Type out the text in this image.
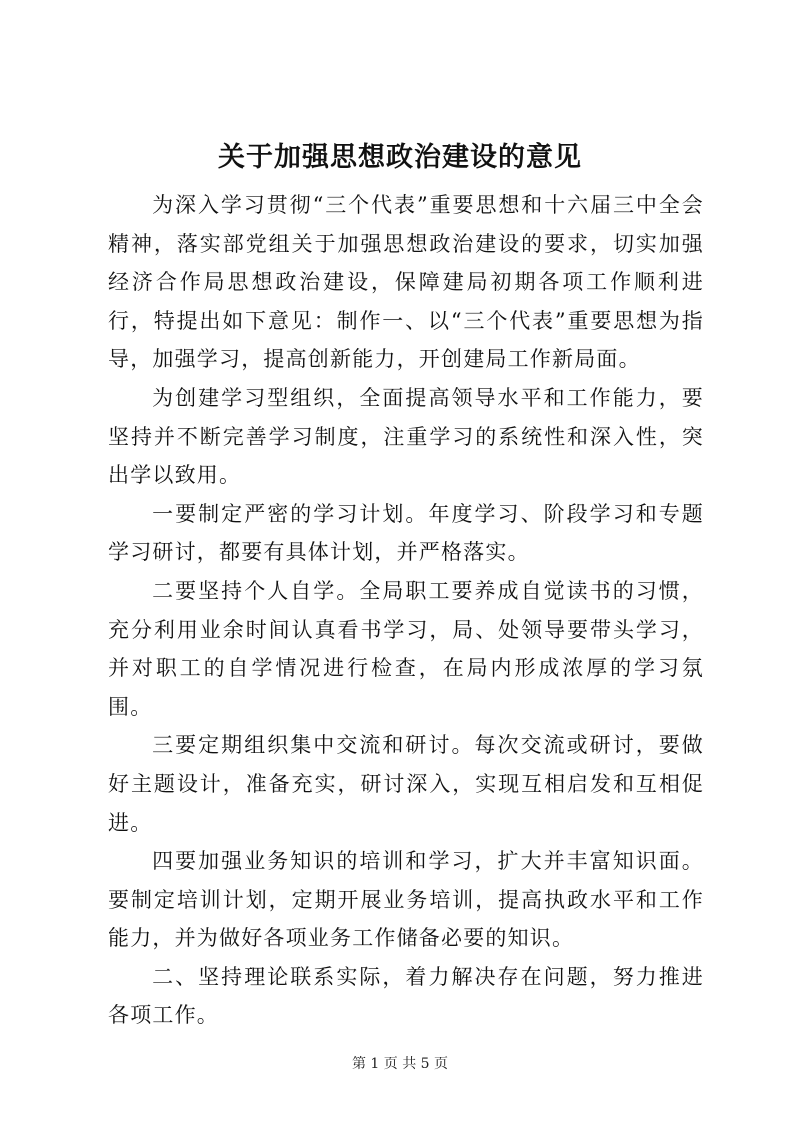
关于加强思想政治建设的意见

为深入学习贯彻“三个代表”重要思想和十六届三中全会精神，落实部党组关于加强思想政治建设的要求，切实加强经济合作局思想政治建设，保障建局初期各项工作顺利进行，特提出如下意见：制作一、以“三个代表”重要思想为指导，加强学习，提高创新能力，开创建局工作新局面。

为创建学习型组织，全面提高领导水平和工作能力，要坚持并不断完善学习制度，注重学习的系统性和深入性，突出学以致用。

一要制定严密的学习计划。年度学习、阶段学习和专题学习研讨，都要有具体计划，并严格落实。

二要坚持个人自学。全局职工要养成自觉读书的习惯，充分利用业余时间认真看书学习，局、处领导要带头学习，并对职工的自学情况进行检查，在局内形成浓厚的学习氛围。

三要定期组织集中交流和研讨。每次交流或研讨，要做好主题设计，准备充实，研讨深入，实现互相启发和互相促进。

四要加强业务知识的培训和学习，扩大并丰富知识面。要制定培训计划，定期开展业务培训，提高执政水平和工作能力，并为做好各项业务工作储备必要的知识。

二、坚持理论联系实际，着力解决存在问题，努力推进各项工作。

第 1 页 共 5 页
